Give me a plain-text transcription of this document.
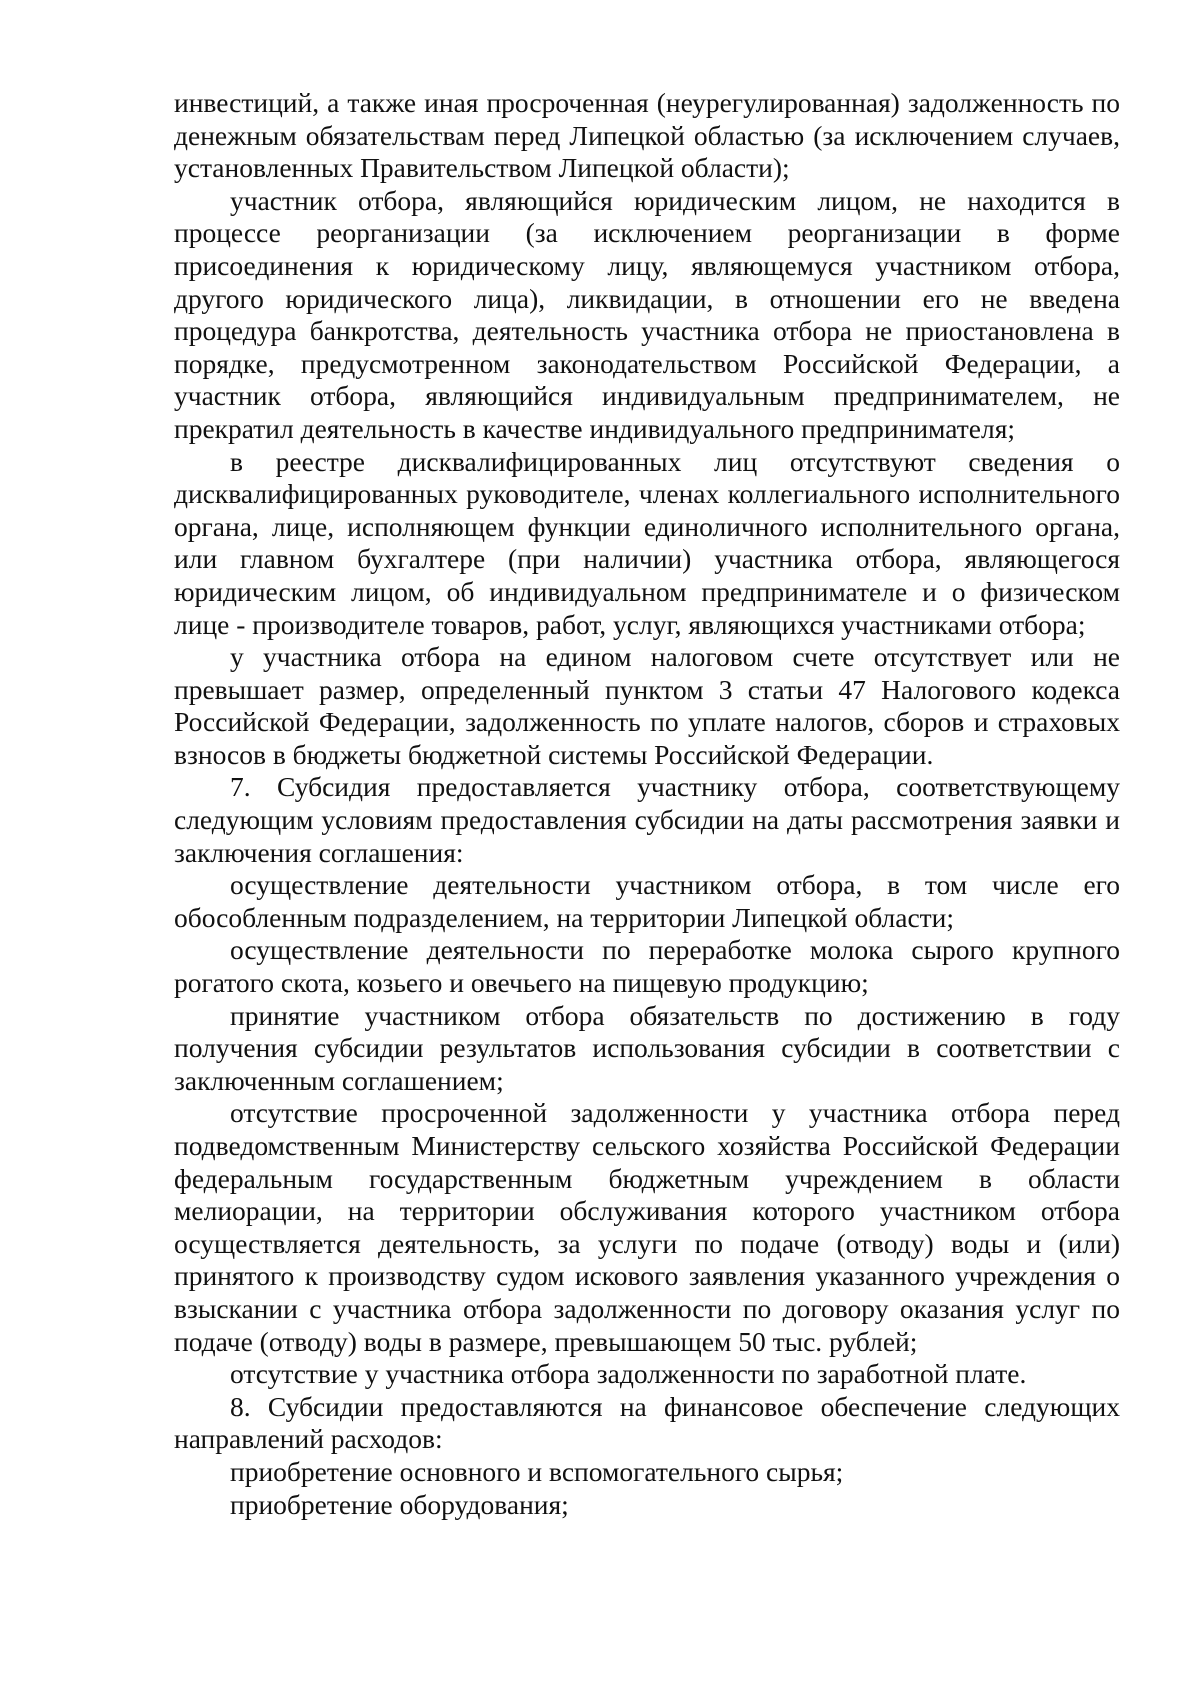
инвестиций, а также иная просроченная (неурегулированная) задолженность по денежным обязательствам перед Липецкой областью (за исключением случаев, установленных Правительством Липецкой области);

участник отбора, являющийся юридическим лицом, не находится в процессе реорганизации (за исключением реорганизации в форме присоединения к юридическому лицу, являющемуся участником отбора, другого юридического лица), ликвидации, в отношении его не введена процедура банкротства, деятельность участника отбора не приостановлена в порядке, предусмотренном законодательством Российской Федерации, а участник отбора, являющийся индивидуальным предпринимателем, не прекратил деятельность в качестве индивидуального предпринимателя;

в реестре дисквалифицированных лиц отсутствуют сведения о дисквалифицированных руководителе, членах коллегиального исполнительного органа, лице, исполняющем функции единоличного исполнительного органа, или главном бухгалтере (при наличии) участника отбора, являющегося юридическим лицом, об индивидуальном предпринимателе и о физическом лице - производителе товаров, работ, услуг, являющихся участниками отбора;

у участника отбора на едином налоговом счете отсутствует или не превышает размер, определенный пунктом 3 статьи 47 Налогового кодекса Российской Федерации, задолженность по уплате налогов, сборов и страховых взносов в бюджеты бюджетной системы Российской Федерации.

7. Субсидия предоставляется участнику отбора, соответствующему следующим условиям предоставления субсидии на даты рассмотрения заявки и заключения соглашения:

осуществление деятельности участником отбора, в том числе его обособленным подразделением, на территории Липецкой области;

осуществление деятельности по переработке молока сырого крупного рогатого скота, козьего и овечьего на пищевую продукцию;

принятие участником отбора обязательств по достижению в году получения субсидии результатов использования субсидии в соответствии с заключенным соглашением;

отсутствие просроченной задолженности у участника отбора перед подведомственным Министерству сельского хозяйства Российской Федерации федеральным государственным бюджетным учреждением в области мелиорации, на территории обслуживания которого участником отбора осуществляется деятельность, за услуги по подаче (отводу) воды и (или) принятого к производству судом искового заявления указанного учреждения о взыскании с участника отбора задолженности по договору оказания услуг по подаче (отводу) воды в размере, превышающем 50 тыс. рублей;

отсутствие у участника отбора задолженности по заработной плате.

8. Субсидии предоставляются на финансовое обеспечение следующих направлений расходов:

приобретение основного и вспомогательного сырья;

приобретение оборудования;
